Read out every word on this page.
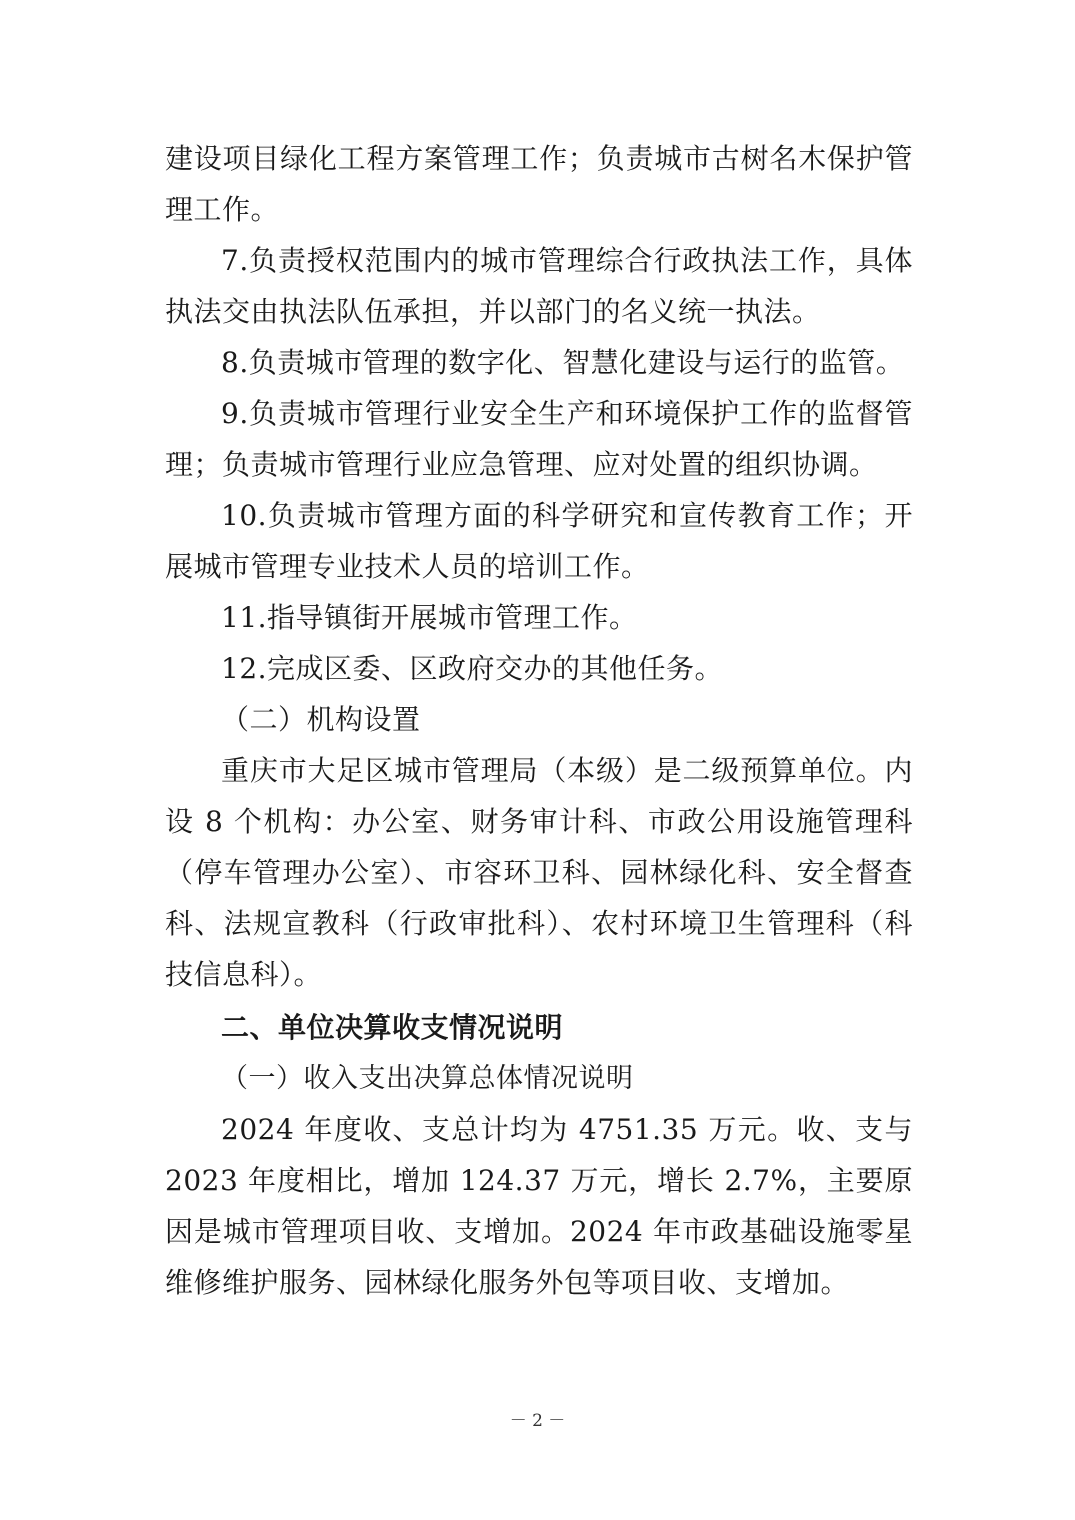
建设项目绿化工程方案管理工作；负责城市古树名木保护管理工作。

7.负责授权范围内的城市管理综合行政执法工作，具体执法交由执法队伍承担，并以部门的名义统一执法。

8.负责城市管理的数字化、智慧化建设与运行的监管。

9.负责城市管理行业安全生产和环境保护工作的监督管理；负责城市管理行业应急管理、应对处置的组织协调。

10.负责城市管理方面的科学研究和宣传教育工作；开展城市管理专业技术人员的培训工作。

11.指导镇街开展城市管理工作。

12.完成区委、区政府交办的其他任务。

（二）机构设置

重庆市大足区城市管理局（本级）是二级预算单位。内设 8 个机构：办公室、财务审计科、市政公用设施管理科（停车管理办公室）、市容环卫科、园林绿化科、安全督查科、法规宣教科（行政审批科）、农村环境卫生管理科（科技信息科）。

二、单位决算收支情况说明

（一）收入支出决算总体情况说明

2024 年度收、支总计均为 4751.35 万元。收、支与 2023 年度相比，增加 124.37 万元，增长 2.7%，主要原因是城市管理项目收、支增加。2024 年市政基础设施零星维修维护服务、园林绿化服务外包等项目收、支增加。

－ 2 －
